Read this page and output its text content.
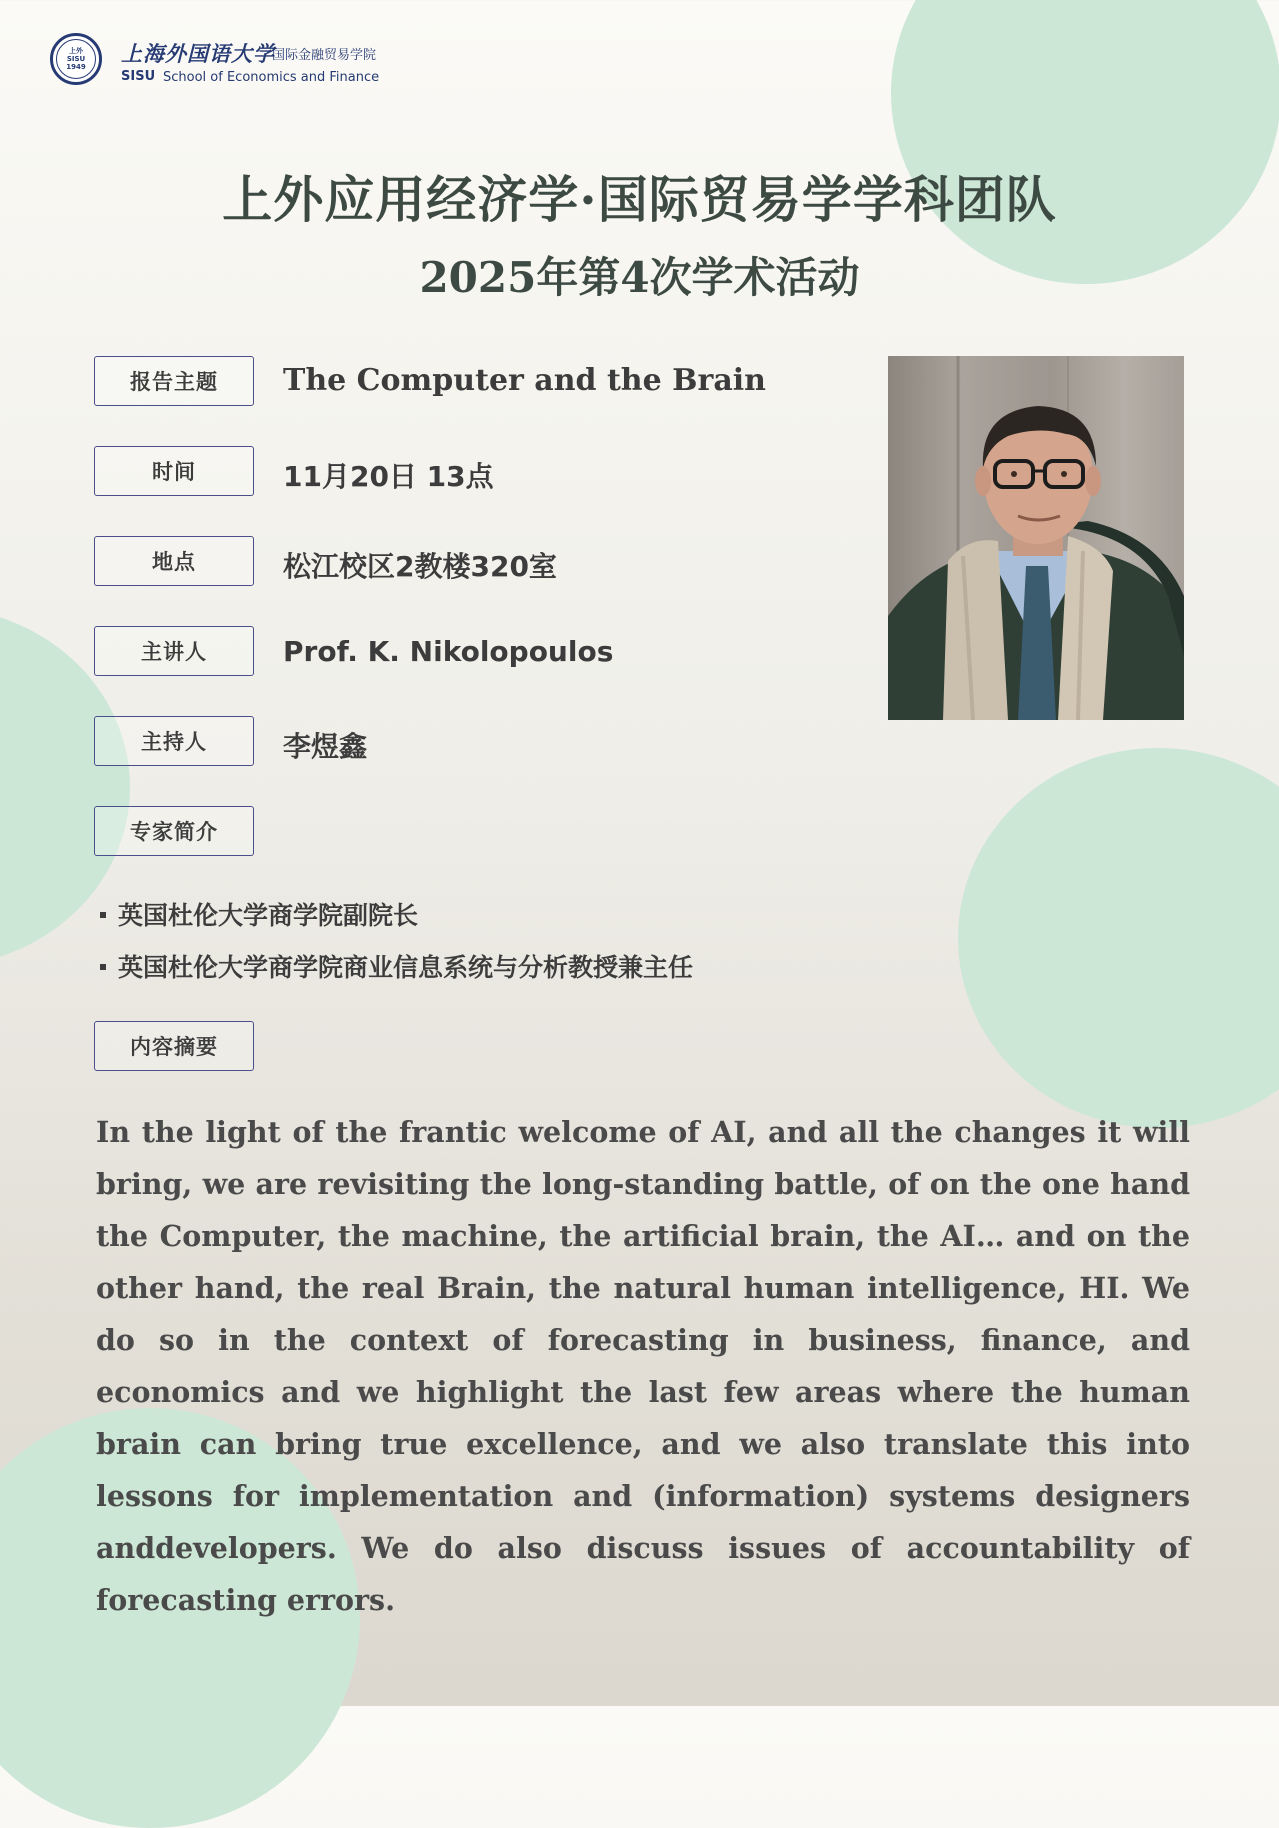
上外
SISU
1949
上海外国语大学
国际金融贸易学院
SISU School of Economics and Finance
上外应用经济学·国际贸易学学科团队
2025年第4次学术活动
报告主题	The Computer and the Brain
时间	11月20日 13点
地点	松江校区2教楼320室
主讲人	Prof. K. Nikolopoulos
主持人	李煜鑫
专家简介
英国杜伦大学商学院副院长
英国杜伦大学商学院商业信息系统与分析教授兼主任
内容摘要

In the light of the frantic welcome of AI, and all the changes it will bring, we are revisiting the long-standing battle, of on the one hand the Computer, the machine, the artificial brain, the AI… and on the other hand, the real Brain, the natural human intelligence, HI. We do so in the context of forecasting in business, finance, and economics and we highlight the last few areas where the human brain can bring true excellence, and we also translate this into lessons for implementation and (information) systems designers anddevelopers. We do also discuss issues of accountability of forecasting errors.
